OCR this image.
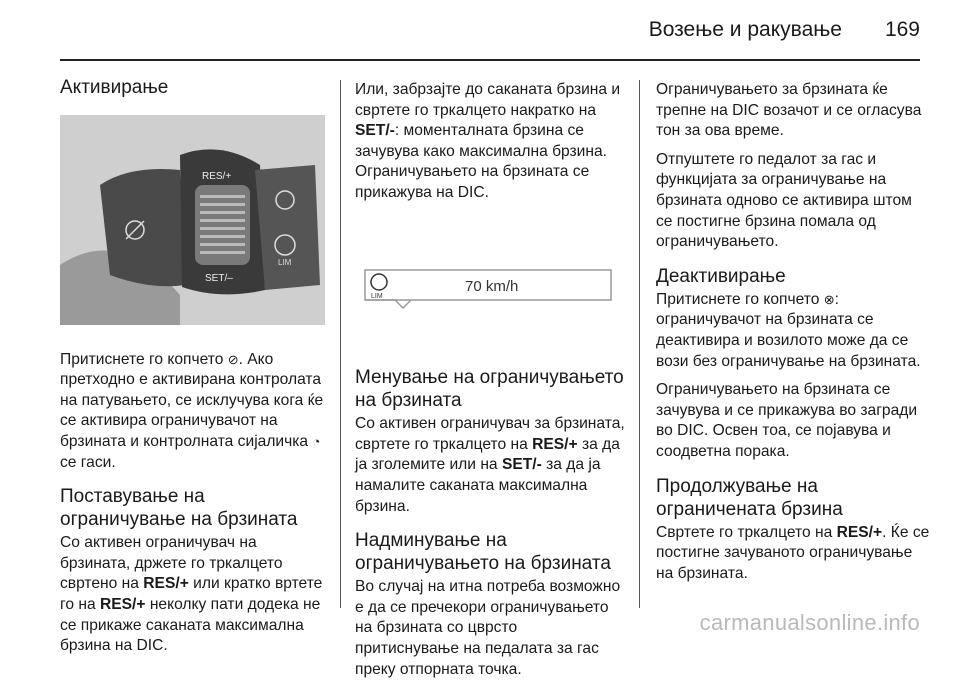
Возење и ракување 169
Активирање
RES/+
SET/–
LIM

Притиснете го копчето ⊘. Ако претходно е активирана контролата на патувањето, се исклучува кога ќе се активира ограничувачот на брзината и контролната сијаличка ◔ се гаси.

Поставување на ограничување на брзината

Со активен ограничувач на брзината, држете го тркалцето свртено на RES/+ или кратко вртете го на RES/+ неколку пати додека не се прикаже саканата максимална брзина на DIC.

Или, забрзајте до саканата брзина и свртете го тркалцето накратко на SET/-: моменталната брзина се зачувува како максимална брзина. Ограничувањето на брзината се прикажува на DIC.

LIM
70 km/h
Менување на ограничувањето на брзината

Со активен ограничувач за брзината, свртете го тркалцето на RES/+ за да ја зголемите или на SET/- за да ја намалите саканата максимална брзина.

Надминување на ограничувањето на брзината

Во случај на итна потреба возможно е да се пречекори ограничувањето на брзината со цврсто притиснување на педалата за гас преку отпорната точка.

Ограничувањето за брзината ќе трепне на DIC возачот и се огласува тон за ова време.

Отпуштете го педалот за гас и функцијата за ограничување на брзината одново се активира штом се постигне брзина помала од ограничувањето.

Деактивирање

Притиснете го копчето ⊗: ограничувачот на брзината се деактивира и возилото може да се вози без ограничување на брзината.

Ограничувањето на брзината се зачувува и се прикажува во загради во DIC. Освен тоа, се појавува и соодветна порака.

Продолжување на ограничената брзина

Свртете го тркалцето на RES/+. Ќе се постигне зачуваното ограничување на брзината.

carmanualsonline.info
